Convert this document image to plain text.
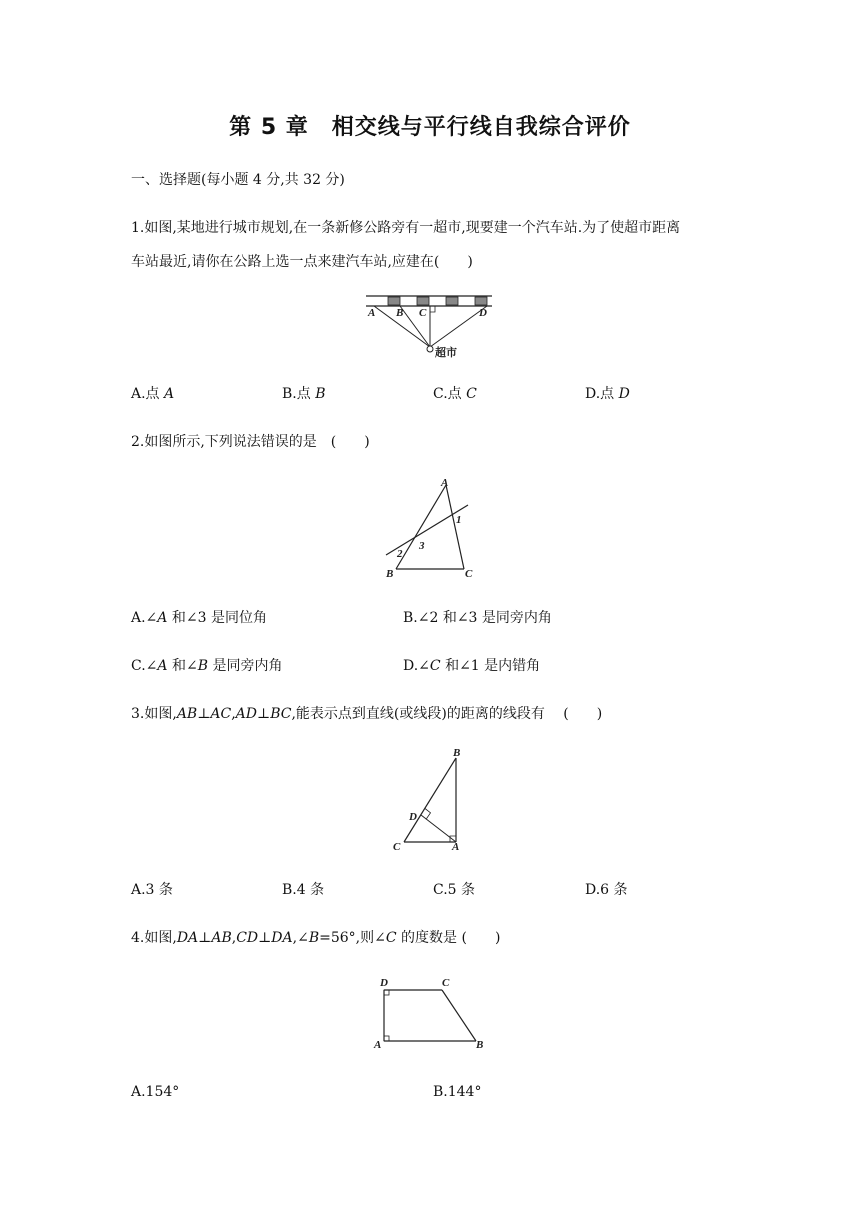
第 5 章　相交线与平行线自我综合评价
一、选择题(每小题 4 分,共 32 分)
1.如图,某地进行城市规划,在一条新修公路旁有一超市,现要建一个汽车站.为了使超市距离
车站最近,请你在公路上选一点来建汽车站,应建在(　　)
A B C	D
超市
A.点 A	B.点 B	C.点 C	D.点 D
2.如图所示,下列说法错误的是　(　　)
A
B	C
1
2
3
A.∠A 和∠3 是同位角	B.∠2 和∠3 是同旁内角
C.∠A 和∠B 是同旁内角	D.∠C 和∠1 是内错角
3.如图,AB⊥AC,AD⊥BC,能表示点到直线(或线段)的距离的线段有　 (　　)
B
D
C	A
A.3 条	B.4 条	C.5 条	D.6 条
4.如图,DA⊥AB,CD⊥DA,∠B=56°,则∠C 的度数是 (　　)
D	C
A	B
A.154°	B.144°
